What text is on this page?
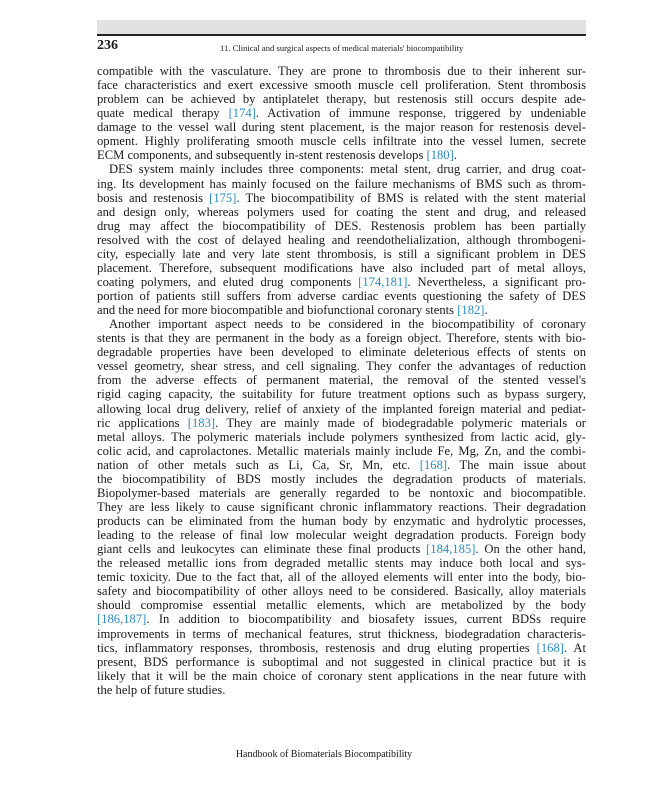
236	11. Clinical and surgical aspects of medical materials' biocompatibility
compatible with the vasculature. They are prone to thrombosis due to their inherent sur-
face characteristics and exert excessive smooth muscle cell proliferation. Stent thrombosis
problem can be achieved by antiplatelet therapy, but restenosis still occurs despite ade-
quate medical therapy [174]. Activation of immune response, triggered by undeniable
damage to the vessel wall during stent placement, is the major reason for restenosis devel-
opment. Highly proliferating smooth muscle cells infiltrate into the vessel lumen, secrete
ECM components, and subsequently in-stent restenosis develops [180].
DES system mainly includes three components: metal stent, drug carrier, and drug coat-
ing. Its development has mainly focused on the failure mechanisms of BMS such as throm-
bosis and restenosis [175]. The biocompatibility of BMS is related with the stent material
and design only, whereas polymers used for coating the stent and drug, and released
drug may affect the biocompatibility of DES. Restenosis problem has been partially
resolved with the cost of delayed healing and reendothelialization, although thrombogeni-
city, especially late and very late stent thrombosis, is still a significant problem in DES
placement. Therefore, subsequent modifications have also included part of metal alloys,
coating polymers, and eluted drug components [174,181]. Nevertheless, a significant pro-
portion of patients still suffers from adverse cardiac events questioning the safety of DES
and the need for more biocompatible and biofunctional coronary stents [182].
Another important aspect needs to be considered in the biocompatibility of coronary
stents is that they are permanent in the body as a foreign object. Therefore, stents with bio-
degradable properties have been developed to eliminate deleterious effects of stents on
vessel geometry, shear stress, and cell signaling. They confer the advantages of reduction
from the adverse effects of permanent material, the removal of the stented vessel's
rigid caging capacity, the suitability for future treatment options such as bypass surgery,
allowing local drug delivery, relief of anxiety of the implanted foreign material and pediat-
ric applications [183]. They are mainly made of biodegradable polymeric materials or
metal alloys. The polymeric materials include polymers synthesized from lactic acid, gly-
colic acid, and caprolactones. Metallic materials mainly include Fe, Mg, Zn, and the combi-
nation of other metals such as Li, Ca, Sr, Mn, etc. [168]. The main issue about
the biocompatibility of BDS mostly includes the degradation products of materials.
Biopolymer-based materials are generally regarded to be nontoxic and biocompatible.
They are less likely to cause significant chronic inflammatory reactions. Their degradation
products can be eliminated from the human body by enzymatic and hydrolytic processes,
leading to the release of final low molecular weight degradation products. Foreign body
giant cells and leukocytes can eliminate these final products [184,185]. On the other hand,
the released metallic ions from degraded metallic stents may induce both local and sys-
temic toxicity. Due to the fact that, all of the alloyed elements will enter into the body, bio-
safety and biocompatibility of other alloys need to be considered. Basically, alloy materials
should compromise essential metallic elements, which are metabolized by the body
[186,187]. In addition to biocompatibility and biosafety issues, current BDSs require
improvements in terms of mechanical features, strut thickness, biodegradation characteris-
tics, inflammatory responses, thrombosis, restenosis and drug eluting properties [168]. At
present, BDS performance is suboptimal and not suggested in clinical practice but it is
likely that it will be the main choice of coronary stent applications in the near future with
the help of future studies.
Handbook of Biomaterials Biocompatibility
